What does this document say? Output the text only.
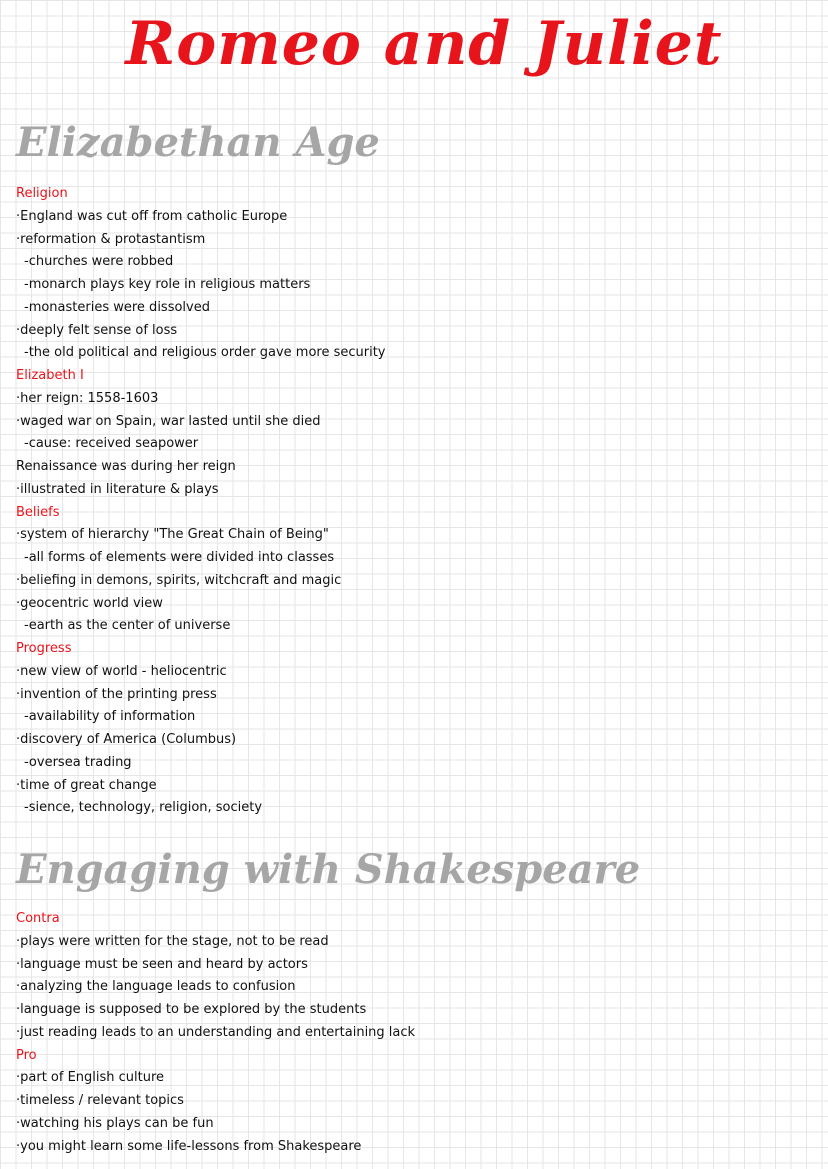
Romeo and Juliet
Elizabethan Age
Religion
·England was cut off from catholic Europe
·reformation & protastantism
-churches were robbed
-monarch plays key role in religious matters
-monasteries were dissolved
·deeply felt sense of loss
-the old political and religious order gave more security
Elizabeth I
·her reign: 1558-1603
·waged war on Spain, war lasted until she died
-cause: received seapower
Renaissance was during her reign
·illustrated in literature & plays
Beliefs
·system of hierarchy "The Great Chain of Being"
-all forms of elements were divided into classes
·beliefing in demons, spirits, witchcraft and magic
·geocentric world view
-earth as the center of universe
Progress
·new view of world - heliocentric
·invention of the printing press
-availability of information
·discovery of America (Columbus)
-oversea trading
·time of great change
-sience, technology, religion, society
Engaging with Shakespeare
Contra
·plays were written for the stage, not to be read
·language must be seen and heard by actors
·analyzing the language leads to confusion
·language is supposed to be explored by the students
·just reading leads to an understanding and entertaining lack
Pro
·part of English culture
·timeless / relevant topics
·watching his plays can be fun
·you might learn some life-lessons from Shakespeare
